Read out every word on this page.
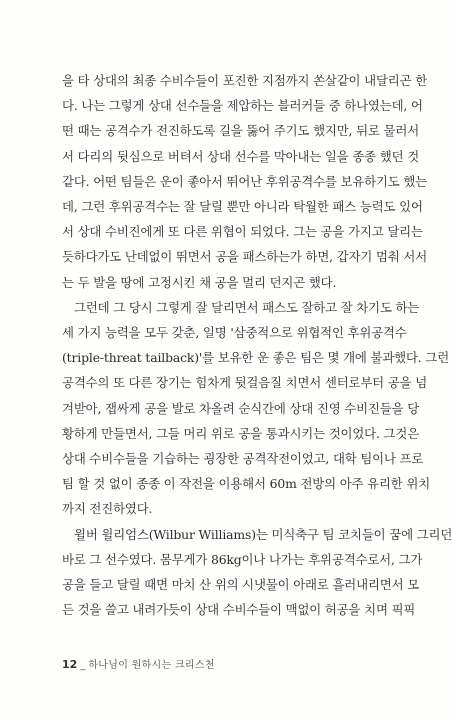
을 타 상대의 최종 수비수들이 포진한 지점까지 쏜살같이 내달리곤 한
다. 나는 그렇게 상대 선수들을 제압하는 블러커들 중 하나였는데, 어
떤 때는 공격수가 전진하도록 길을 뚫어 주기도 했지만, 뒤로 물러서
서 다리의 뒷심으로 버텨서 상대 선수를 막아내는 일을 종종 했던 것
같다. 어떤 팀들은 운이 좋아서 뛰어난 후위공격수를 보유하기도 했는
데, 그런 후위공격수는 잘 달릴 뿐만 아니라 탁월한 패스 능력도 있어
서 상대 수비진에게 또 다른 위협이 되었다. 그는 공을 가지고 달리는
듯하다가도 난데없이 뛰면서 공을 패스하는가 하면, 갑자기 멈춰 서서
는 두 발을 땅에 고정시킨 채 공을 멀리 던지곤 했다.

그런데 그 당시 그렇게 잘 달리면서 패스도 잘하고 잘 차기도 하는
세 가지 능력을 모두 갖춘, 일명 '삼중적으로 위협적인 후위공격수
(triple-threat tailback)'를 보유한 운 좋은 팀은 몇 개에 불과했다. 그런
공격수의 또 다른 장기는 힘차게 뒷걸음질 치면서 센터로부터 공을 넘
겨받아, 잽싸게 공을 발로 차올려 순식간에 상대 진영 수비진들을 당
황하게 만들면서, 그들 머리 위로 공을 통과시키는 것이었다. 그것은
상대 수비수들을 기습하는 굉장한 공격작전이었고, 대학 팀이나 프로
팀 할 것 없이 종종 이 작전을 이용해서 60m 전방의 아주 유리한 위치
까지 전진하였다.

윌버 윌리엄스(Wilbur Williams)는 미식축구 팀 코치들이 꿈에 그리던
바로 그 선수였다. 몸무게가 86kg이나 나가는 후위공격수로서, 그가
공을 들고 달릴 때면 마치 산 위의 시냇물이 아래로 흘러내리면서 모
든 것을 쓸고 내려가듯이 상대 수비수들이 맥없이 허공을 치며 픽픽

12 _ 하나님이 원하시는 크리스천
